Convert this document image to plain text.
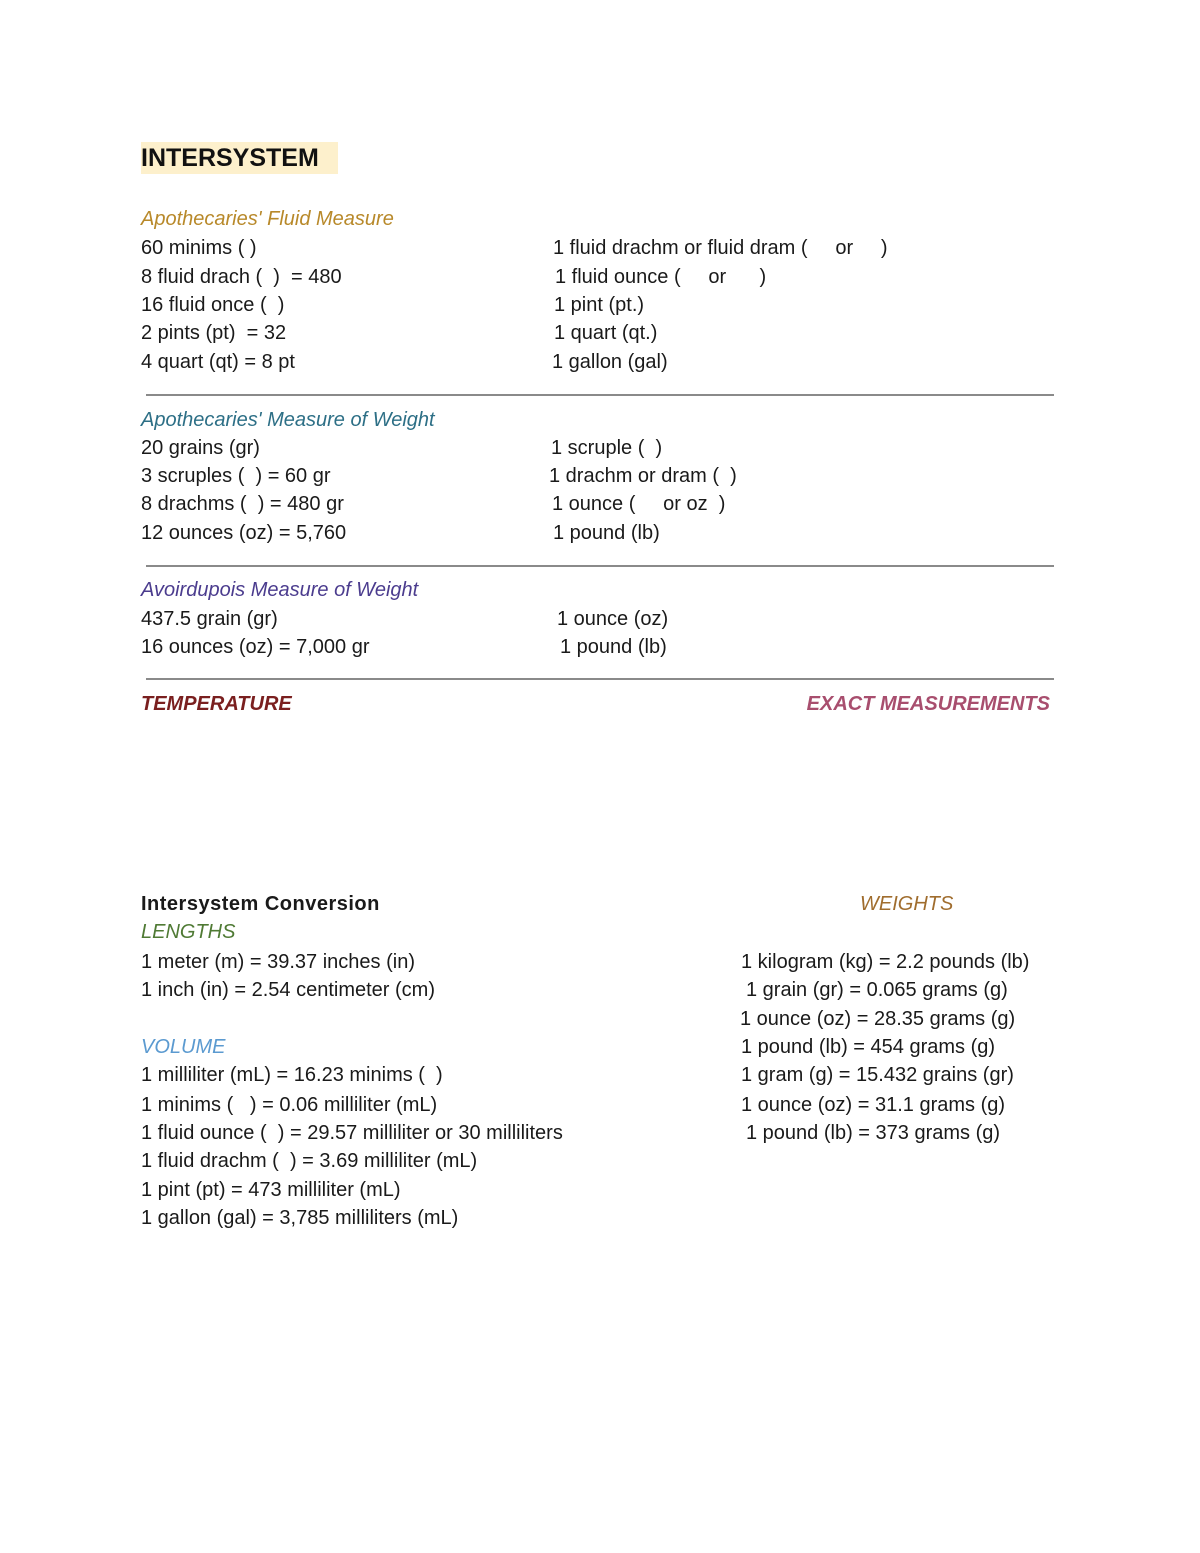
INTERSYSTEM
Apothecaries' Fluid Measure
60 minims ( )	1 fluid drachm or fluid dram (     or     )
8 fluid drach (  )  = 480	1 fluid ounce (     or      )
16 fluid once (  )	1 pint (pt.)
2 pints (pt)  = 32	1 quart (qt.)
4 quart (qt) = 8 pt	1 gallon (gal)
Apothecaries' Measure of Weight
20 grains (gr)	1 scruple (  )
3 scruples (  ) = 60 gr	1 drachm or dram (  )
8 drachms (  ) = 480 gr	1 ounce (     or oz  )
12 ounces (oz) = 5,760	1 pound (lb)
Avoirdupois Measure of Weight
437.5 grain (gr)	1 ounce (oz)
16 ounces (oz) = 7,000 gr	1 pound (lb)
TEMPERATURE	EXACT MEASUREMENTS
Intersystem Conversion	WEIGHTS
LENGTHS
1 meter (m) = 39.37 inches (in)
1 inch (in) = 2.54 centimeter (cm)
VOLUME
1 milliliter (mL) = 16.23 minims (  )
1 minims (   ) = 0.06 milliliter (mL)
1 fluid ounce (  ) = 29.57 milliliter or 30 milliliters
1 fluid drachm (  ) = 3.69 milliliter (mL)
1 pint (pt) = 473 milliliter (mL)
1 gallon (gal) = 3,785 milliliters (mL)
1 kilogram (kg) = 2.2 pounds (lb)
1 grain (gr) = 0.065 grams (g)
1 ounce (oz) = 28.35 grams (g)
1 pound (lb) = 454 grams (g)
1 gram (g) = 15.432 grains (gr)
1 ounce (oz) = 31.1 grams (g)
1 pound (lb) = 373 grams (g)
